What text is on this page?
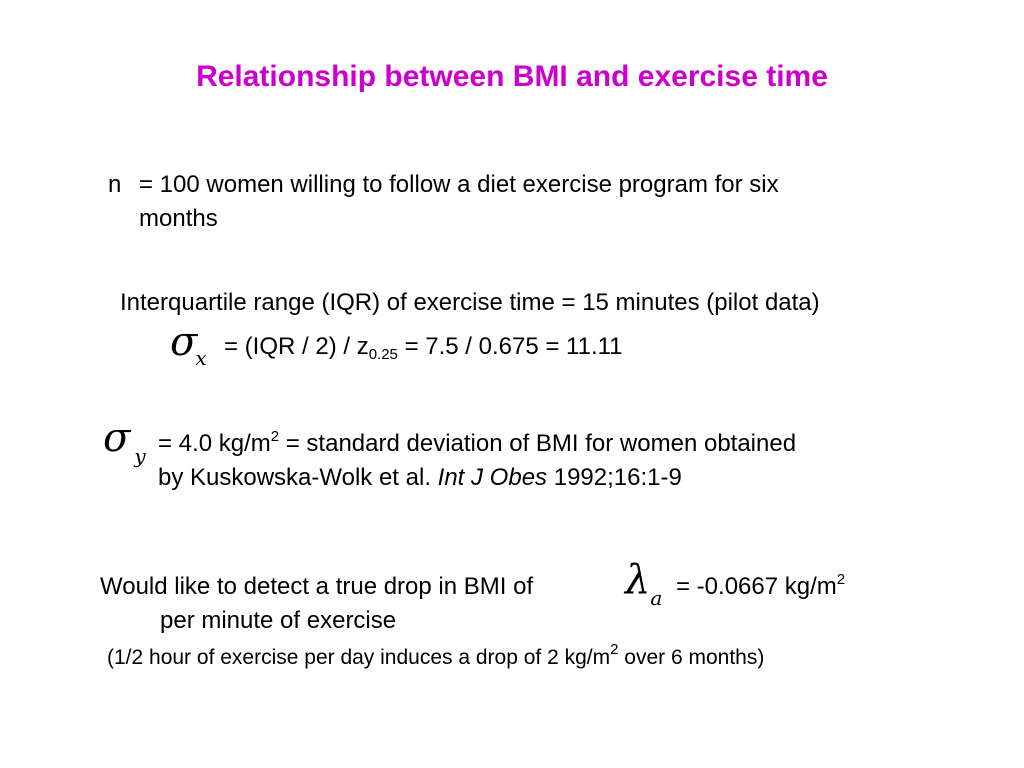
Relationship between BMI and exercise time
n = 100 women willing to follow a diet exercise program for six
months
Interquartile range (IQR) of exercise time = 15 minutes (pilot data)
$\sigma x = (IQR / 2) / z_{0.25} = 7.5 / 0.675 = 11.11$
σy = 4.0 $kg/m^2$ = standard deviation of BMI for women obtained
by Kuskowska-Wolk et al. Int J Obes 1992;16:1-9
Would like to detect a true drop in BMI of λa = -0.0667 $kg/m^2$
per minute of exercise
(1/2 hour of exercise per day induces a drop of 2 $kg/m^2$ over 6 months)
